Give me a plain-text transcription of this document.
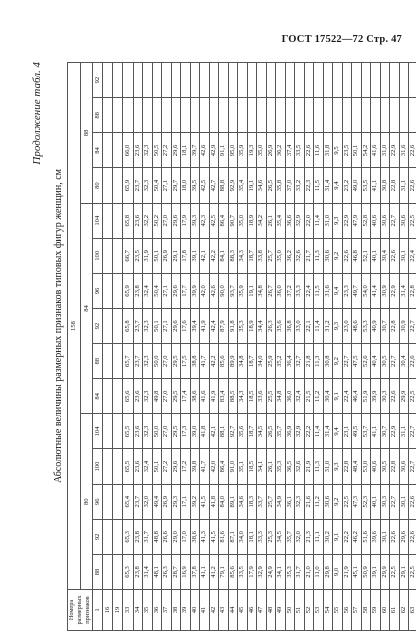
ГОСТ 17522—72 Стр. 47
Продолжение табл. 4
Абсолютные величины размерных признаков типовых фигур женщин, см
Номера размерных признаков	158														
	80					84						88			
1	88	92	96	100	104	84	88	92	96	100	104	80	84	88	92
16															
19															
33	65,3	65,3	65,4	65,5	65,5	65,6	65,7	65,8	65,9	66,7	65,8	65,9	66,0		
34	23,8	23,8	23,7	23,6	23,6	23,6	23,7	23,7	23,8	23,5	23,6	23,7	23,6		
35	31,4	31,7	32,0	32,4	32,3	32,3	32,3	32,3	32,4	31,9	32,2	32,3	32,3		
36	48,1	48,8	49,4	50,1	50,0	49,8	50,0	50,1	50,4	50,1	50,2	50,4	50,5		
37	26,3	26,6	26,9	27,2	27,0	27,0	27,0	27,1	27,1	26,9	27,0	27,1	27,2		
38	28,7	29,0	29,3	29,6	29,5	29,5	29,5	29,6	29,6	29,1	29,6	29,7	29,6		
39	16,9	17,0	17,1	17,2	17,3	17,4	17,5	17,6	17,7	17,8	17,9	18,0	18,1		
40	37,8	38,6	39,2	39,8	39,0	38,6	38,8	39,4	39,9	39,1	39,3	39,5	39,7		
41	41,1	41,3	41,5	41,7	41,8	41,6	41,7	41,9	42,0	42,1	42,3	42,5	42,6		
42	41,2	41,5	41,8	42,0	42,1	41,9	42,2	42,4	42,6	42,2	42,5	42,7	42,9		
43	79,1	81,6	84,0	86,4	88,1	83,4	85,6	87,9	90,0	84,1	86,4	88,8	91,1		
44	85,6	87,1	89,1	91,0	92,7	88,5	89,9	91,8	93,7	88,3	90,7	92,9	95,0		
45	33,5	34,0	34,6	35,1	35,6	34,3	34,8	35,3	35,9	34,3	35,0	35,4	35,9		
46	17,9	18,1	18,3	18,5	18,7	18,5	18,7	18,9	19,1	18,7	18,9	19,1	19,3		
47	32,9	33,3	33,7	34,1	34,5	33,6	34,0	34,4	34,8	33,8	34,2	34,6	35,0		
48	24,9	25,3	25,7	26,1	26,5	25,5	25,9	26,3	26,7	25,7	26,1	26,5	26,9		
49	34,1	34,5	34,9	35,3	35,7	34,8	35,2	35,6	36,0	35,0	35,4	35,8	36,2		
50	35,3	35,7	36,1	36,5	36,9	36,0	36,4	36,8	37,2	36,2	36,6	37,0	37,4		
51	31,7	32,0	32,3	32,6	32,9	32,4	32,7	33,0	33,3	32,6	32,9	33,2	33,5		
52	21,0	21,3	21,6	21,9	22,2	21,5	21,8	22,1	22,4	21,7	22,0	22,3	22,6		
53	11,0	11,1	11,2	11,3	11,4	11,2	11,3	11,4	11,5	11,3	11,4	11,5	11,6		
54	29,8	30,2	30,6	31,0	31,4	30,4	30,8	31,2	31,6	30,6	31,0	31,4	31,8		
55	9,0	9,1	9,2	9,3	9,4	9,1	9,2	9,3	9,4	9,2	9,3	9,4	9,5		
56	21,9	22,2	22,5	22,8	23,1	22,4	22,7	23,0	23,3	22,6	22,9	23,2	23,5		
57	45,1	46,2	47,3	48,4	49,5	46,4	47,5	48,6	49,7	46,8	47,9	49,0	50,1		
58	50,9	51,6	52,3	53,0	53,7	51,9	52,6	53,3	54,0	52,1	52,8	53,5	54,2		
59	39,1	39,6	40,1	40,6	41,1	39,9	40,4	40,9	41,4	40,1	40,6	41,1	41,6		
60	29,9	30,1	30,3	30,5	30,7	30,3	30,5	30,7	30,9	30,4	30,6	30,8	31,0		
61	22,5	22,6	22,7	22,8	22,9	22,6	22,7	22,8	22,9	22,6	22,7	22,8	22,9		
62	29,1	29,6	30,1	30,6	31,1	29,9	30,4	30,9	31,4	30,1	30,6	31,1	31,6		
63	22,5	22,6	22,6	22,7	22,7	22,5	22,6	22,7	22,8	22,4	22,5	22,6	22,6		
